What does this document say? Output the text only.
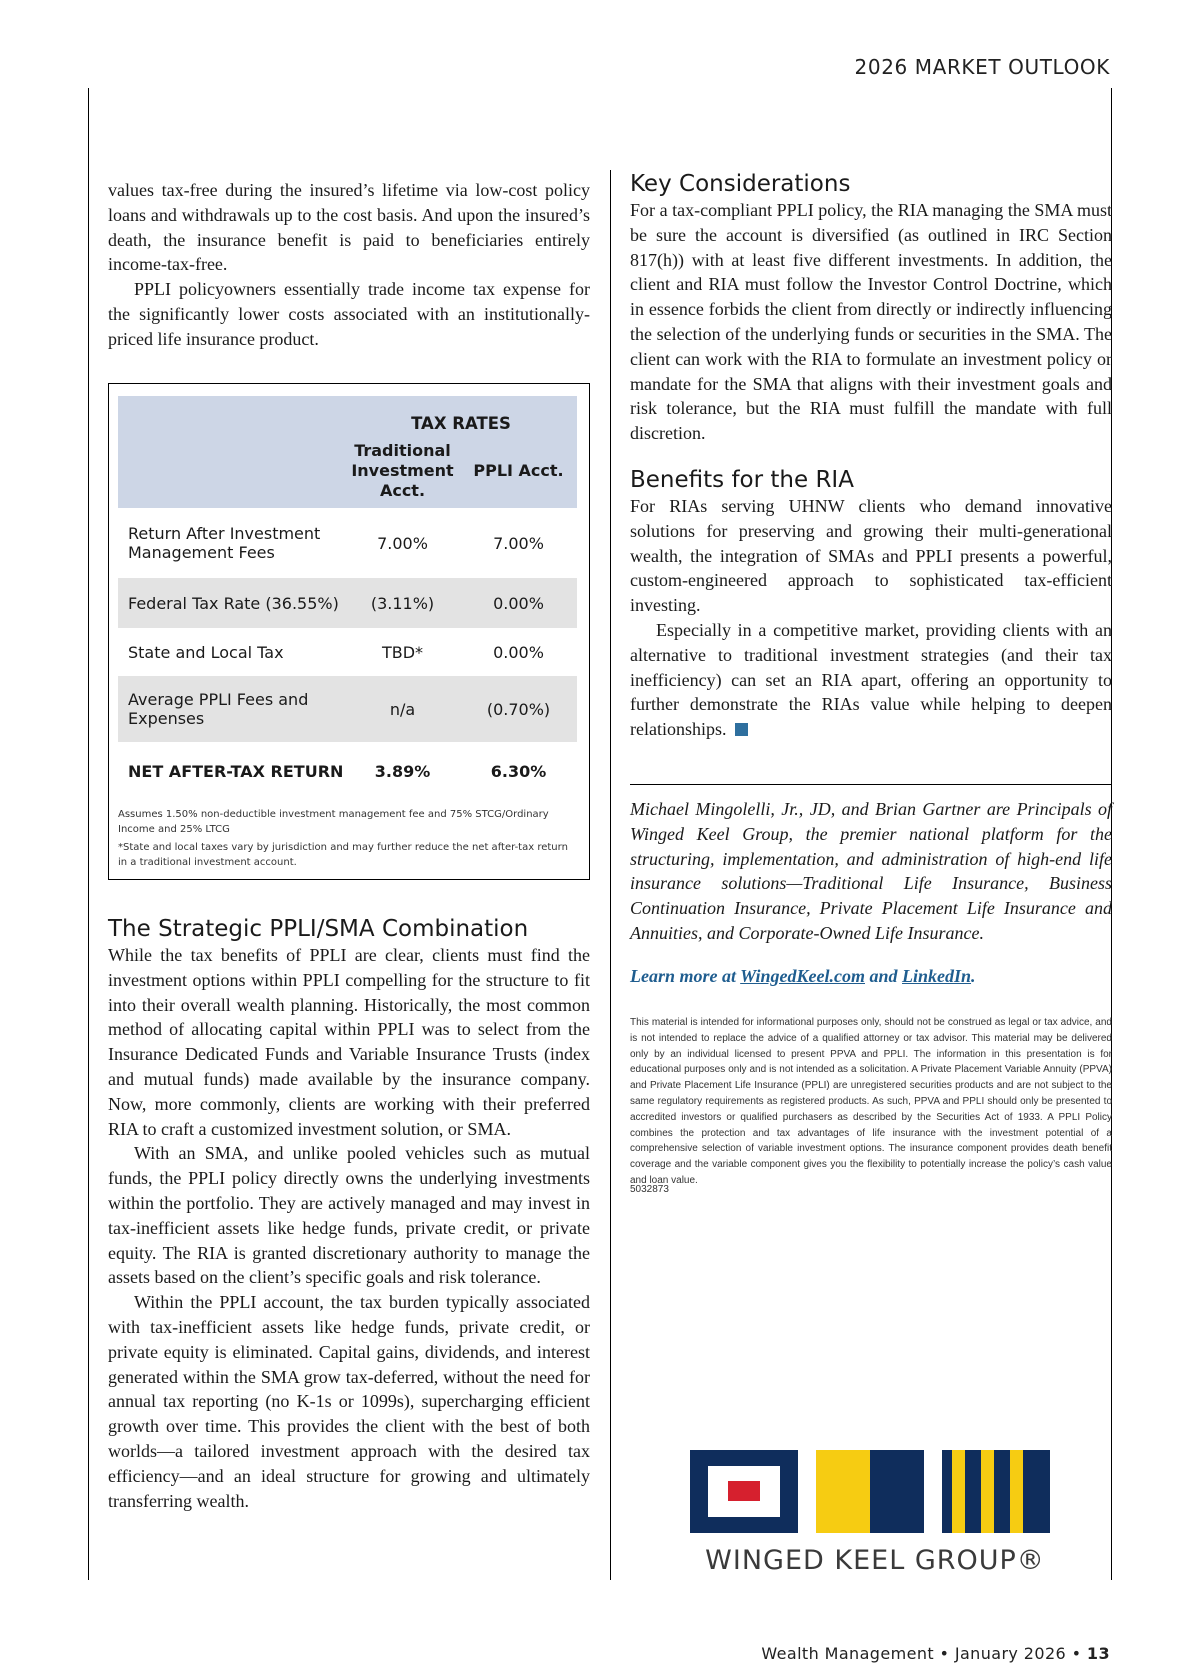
2026 MARKET OUTLOOK

values tax-free during the insured’s lifetime via low-cost policy loans and withdrawals up to the cost basis. And upon the insured’s death, the insurance benefit is paid to beneficiaries entirely income-tax-free.

PPLI policyowners essentially trade income tax expense for the significantly lower costs associated with an institutionally-priced life insurance product.

	TAX RATES	
	Traditional Investment Acct.	PPLI Acct.
Return After Investment Management Fees	7.00%	7.00%
Federal Tax Rate (36.55%)	(3.11%)	0.00%
State and Local Tax	TBD*	0.00%
Average PPLI Fees and Expenses	n/a	(0.70%)
NET AFTER-TAX RETURN	3.89%	6.30%

Assumes 1.50% non-deductible investment management fee and 75% STCG/Ordinary Income and 25% LTCG

*State and local taxes vary by jurisdiction and may further reduce the net after-tax return in a traditional investment account.

The Strategic PPLI/SMA Combination

While the tax benefits of PPLI are clear, clients must find the investment options within PPLI compelling for the structure to fit into their overall wealth planning. Historically, the most common method of allocating capital within PPLI was to select from the Insurance Dedicated Funds and Variable Insurance Trusts (index and mutual funds) made available by the insurance company. Now, more commonly, clients are working with their preferred RIA to craft a customized investment solution, or SMA.

With an SMA, and unlike pooled vehicles such as mutual funds, the PPLI policy directly owns the underlying investments within the portfolio. They are actively managed and may invest in tax-inefficient assets like hedge funds, private credit, or private equity. The RIA is granted discretionary authority to manage the assets based on the client’s specific goals and risk tolerance.

Within the PPLI account, the tax burden typically associated with tax-inefficient assets like hedge funds, private credit, or private equity is eliminated. Capital gains, dividends, and interest generated within the SMA grow tax-deferred, without the need for annual tax reporting (no K-1s or 1099s), supercharging efficient growth over time. This provides the client with the best of both worlds—a tailored investment approach with the desired tax efficiency—and an ideal structure for growing and ultimately transferring wealth.

Key Considerations

For a tax-compliant PPLI policy, the RIA managing the SMA must be sure the account is diversified (as outlined in IRC Section 817(h)) with at least five different investments. In addition, the client and RIA must follow the Investor Control Doctrine, which in essence forbids the client from directly or indirectly influencing the selection of the underlying funds or securities in the SMA. The client can work with the RIA to formulate an investment policy or mandate for the SMA that aligns with their investment goals and risk tolerance, but the RIA must fulfill the mandate with full discretion.

Benefits for the RIA

For RIAs serving UHNW clients who demand innovative solutions for preserving and growing their multi-generational wealth, the integration of SMAs and PPLI presents a powerful, custom-engineered approach to sophisticated tax-efficient investing.

Especially in a competitive market, providing clients with an alternative to traditional investment strategies (and their tax inefficiency) can set an RIA apart, offering an opportunity to further demonstrate the RIAs value while helping to deepen relationships.

Michael Mingolelli, Jr., JD, and Brian Gartner are Principals of Winged Keel Group, the premier national platform for the structuring, implementation, and administration of high-end life insurance solutions—Traditional Life Insurance, Business Continuation Insurance, Private Placement Life Insurance and Annuities, and Corporate-Owned Life Insurance.

Learn more at WingedKeel.com and LinkedIn.

This material is intended for informational purposes only, should not be construed as legal or tax advice, and is not intended to replace the advice of a qualified attorney or tax advisor. This material may be delivered only by an individual licensed to present PPVA and PPLI. The information in this presentation is for educational purposes only and is not intended as a solicitation. A Private Placement Variable Annuity (PPVA) and Private Placement Life Insurance (PPLI) are unregistered securities products and are not subject to the same regulatory requirements as registered products. As such, PPVA and PPLI should only be presented to accredited investors or qualified purchasers as described by the Securities Act of 1933. A PPLI Policy combines the protection and tax advantages of life insurance with the investment potential of a comprehensive selection of variable investment options. The insurance component provides death benefit coverage and the variable component gives you the flexibility to potentially increase the policy’s cash value and loan value.

5032873

WINGED KEEL GROUP®
Wealth Management • January 2026 • 13
